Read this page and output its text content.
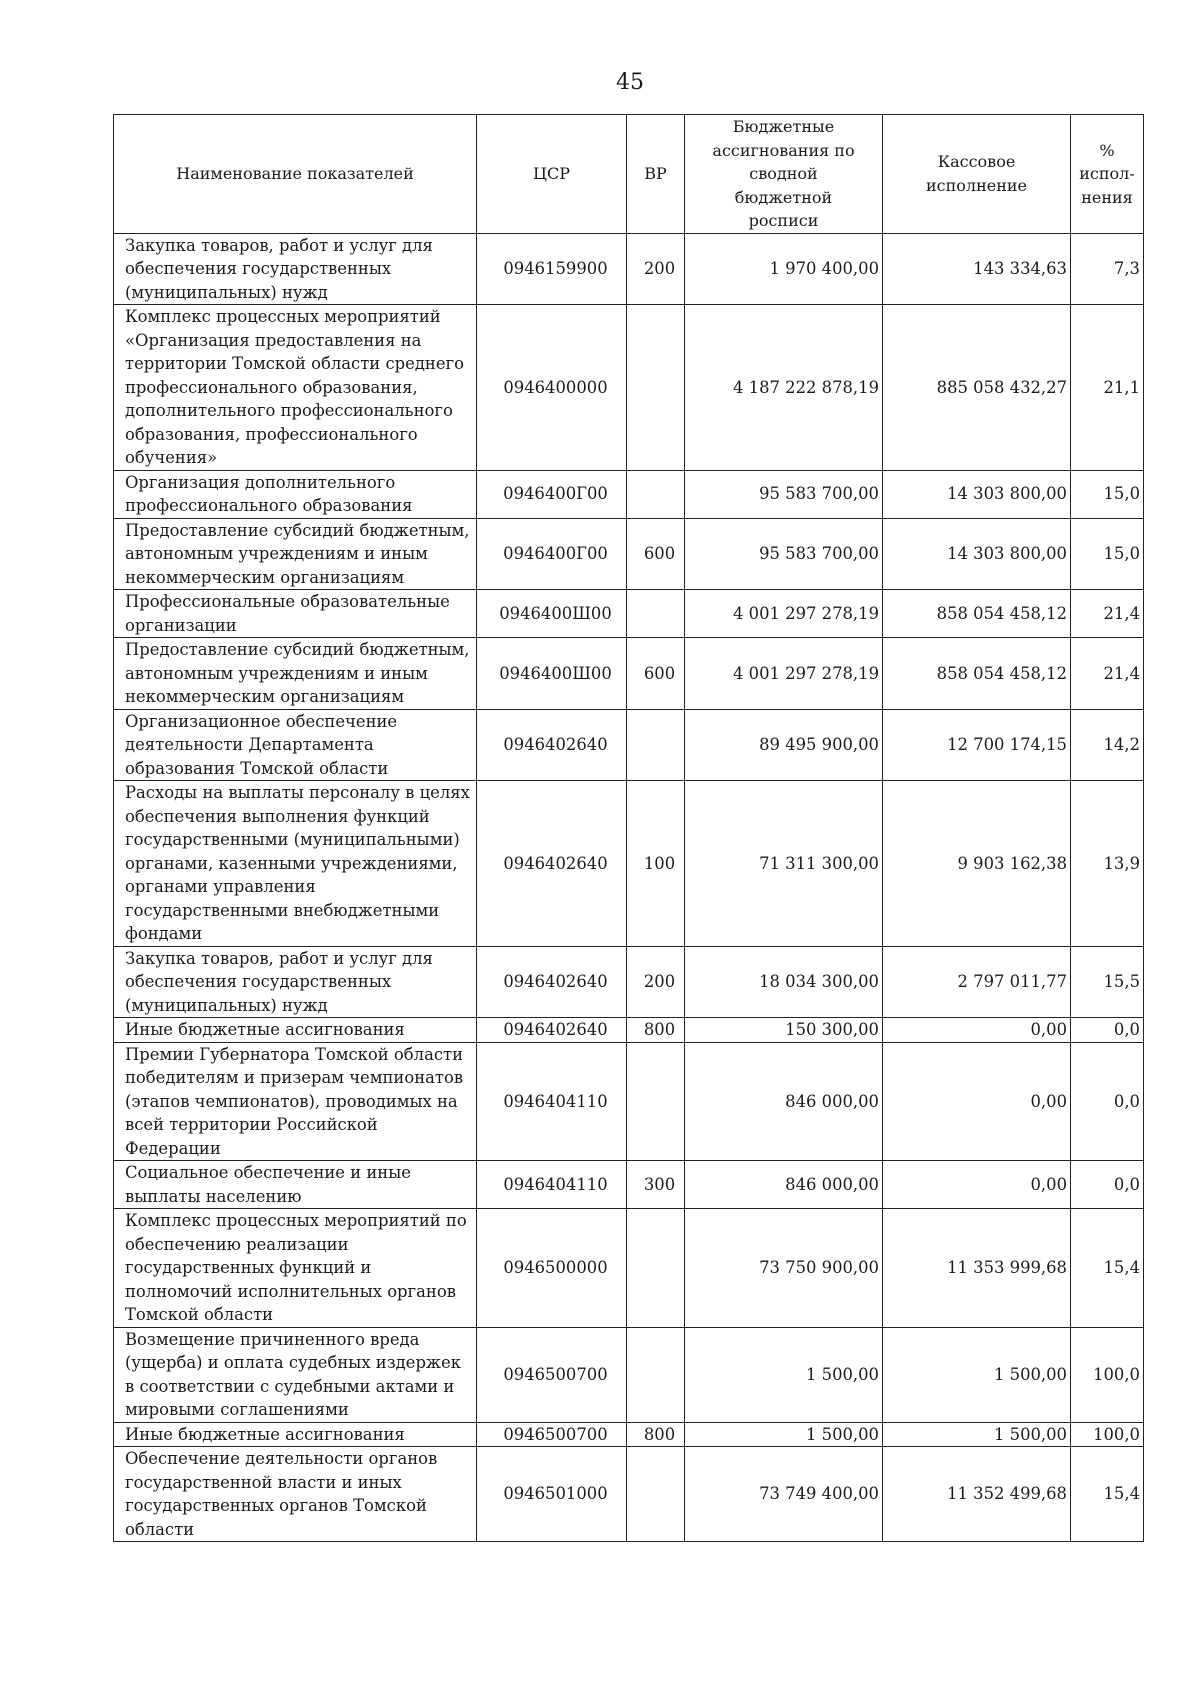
45
Наименование показателей	ЦСР	ВР	Бюджетные ассигнования по сводной бюджетной росписи	Кассовое исполнение	% испол-нения
Закупка товаров, работ и услуг для обеспечения государственных (муниципальных) нужд	0946159900	200	1 970 400,00	143 334,63	7,3
Комплекс процессных мероприятий «Организация предоставления на территории Томской области среднего профессионального образования, дополнительного профессионального образования, профессионального обучения»	0946400000		4 187 222 878,19	885 058 432,27	21,1
Организация дополнительного профессионального образования	0946400Г00		95 583 700,00	14 303 800,00	15,0
Предоставление субсидий бюджетным, автономным учреждениям и иным некоммерческим организациям	0946400Г00	600	95 583 700,00	14 303 800,00	15,0
Профессиональные образовательные организации	0946400Ш00		4 001 297 278,19	858 054 458,12	21,4
Предоставление субсидий бюджетным, автономным учреждениям и иным некоммерческим организациям	0946400Ш00	600	4 001 297 278,19	858 054 458,12	21,4
Организационное обеспечение деятельности Департамента образования Томской области	0946402640		89 495 900,00	12 700 174,15	14,2
Расходы на выплаты персоналу в целях обеспечения выполнения функций государственными (муниципальными) органами, казенными учреждениями, органами управления государственными внебюджетными фондами	0946402640	100	71 311 300,00	9 903 162,38	13,9
Закупка товаров, работ и услуг для обеспечения государственных (муниципальных) нужд	0946402640	200	18 034 300,00	2 797 011,77	15,5
Иные бюджетные ассигнования	0946402640	800	150 300,00	0,00	0,0
Премии Губернатора Томской области победителям и призерам чемпионатов (этапов чемпионатов), проводимых на всей территории Российской Федерации	0946404110		846 000,00	0,00	0,0
Социальное обеспечение и иные выплаты населению	0946404110	300	846 000,00	0,00	0,0
Комплекс процессных мероприятий по обеспечению реализации государственных функций и полномочий исполнительных органов Томской области	0946500000		73 750 900,00	11 353 999,68	15,4
Возмещение причиненного вреда (ущерба) и оплата судебных издержек в соответствии с судебными актами и мировыми соглашениями	0946500700		1 500,00	1 500,00	100,0
Иные бюджетные ассигнования	0946500700	800	1 500,00	1 500,00	100,0
Обеспечение деятельности органов государственной власти и иных государственных органов Томской области	0946501000		73 749 400,00	11 352 499,68	15,4
